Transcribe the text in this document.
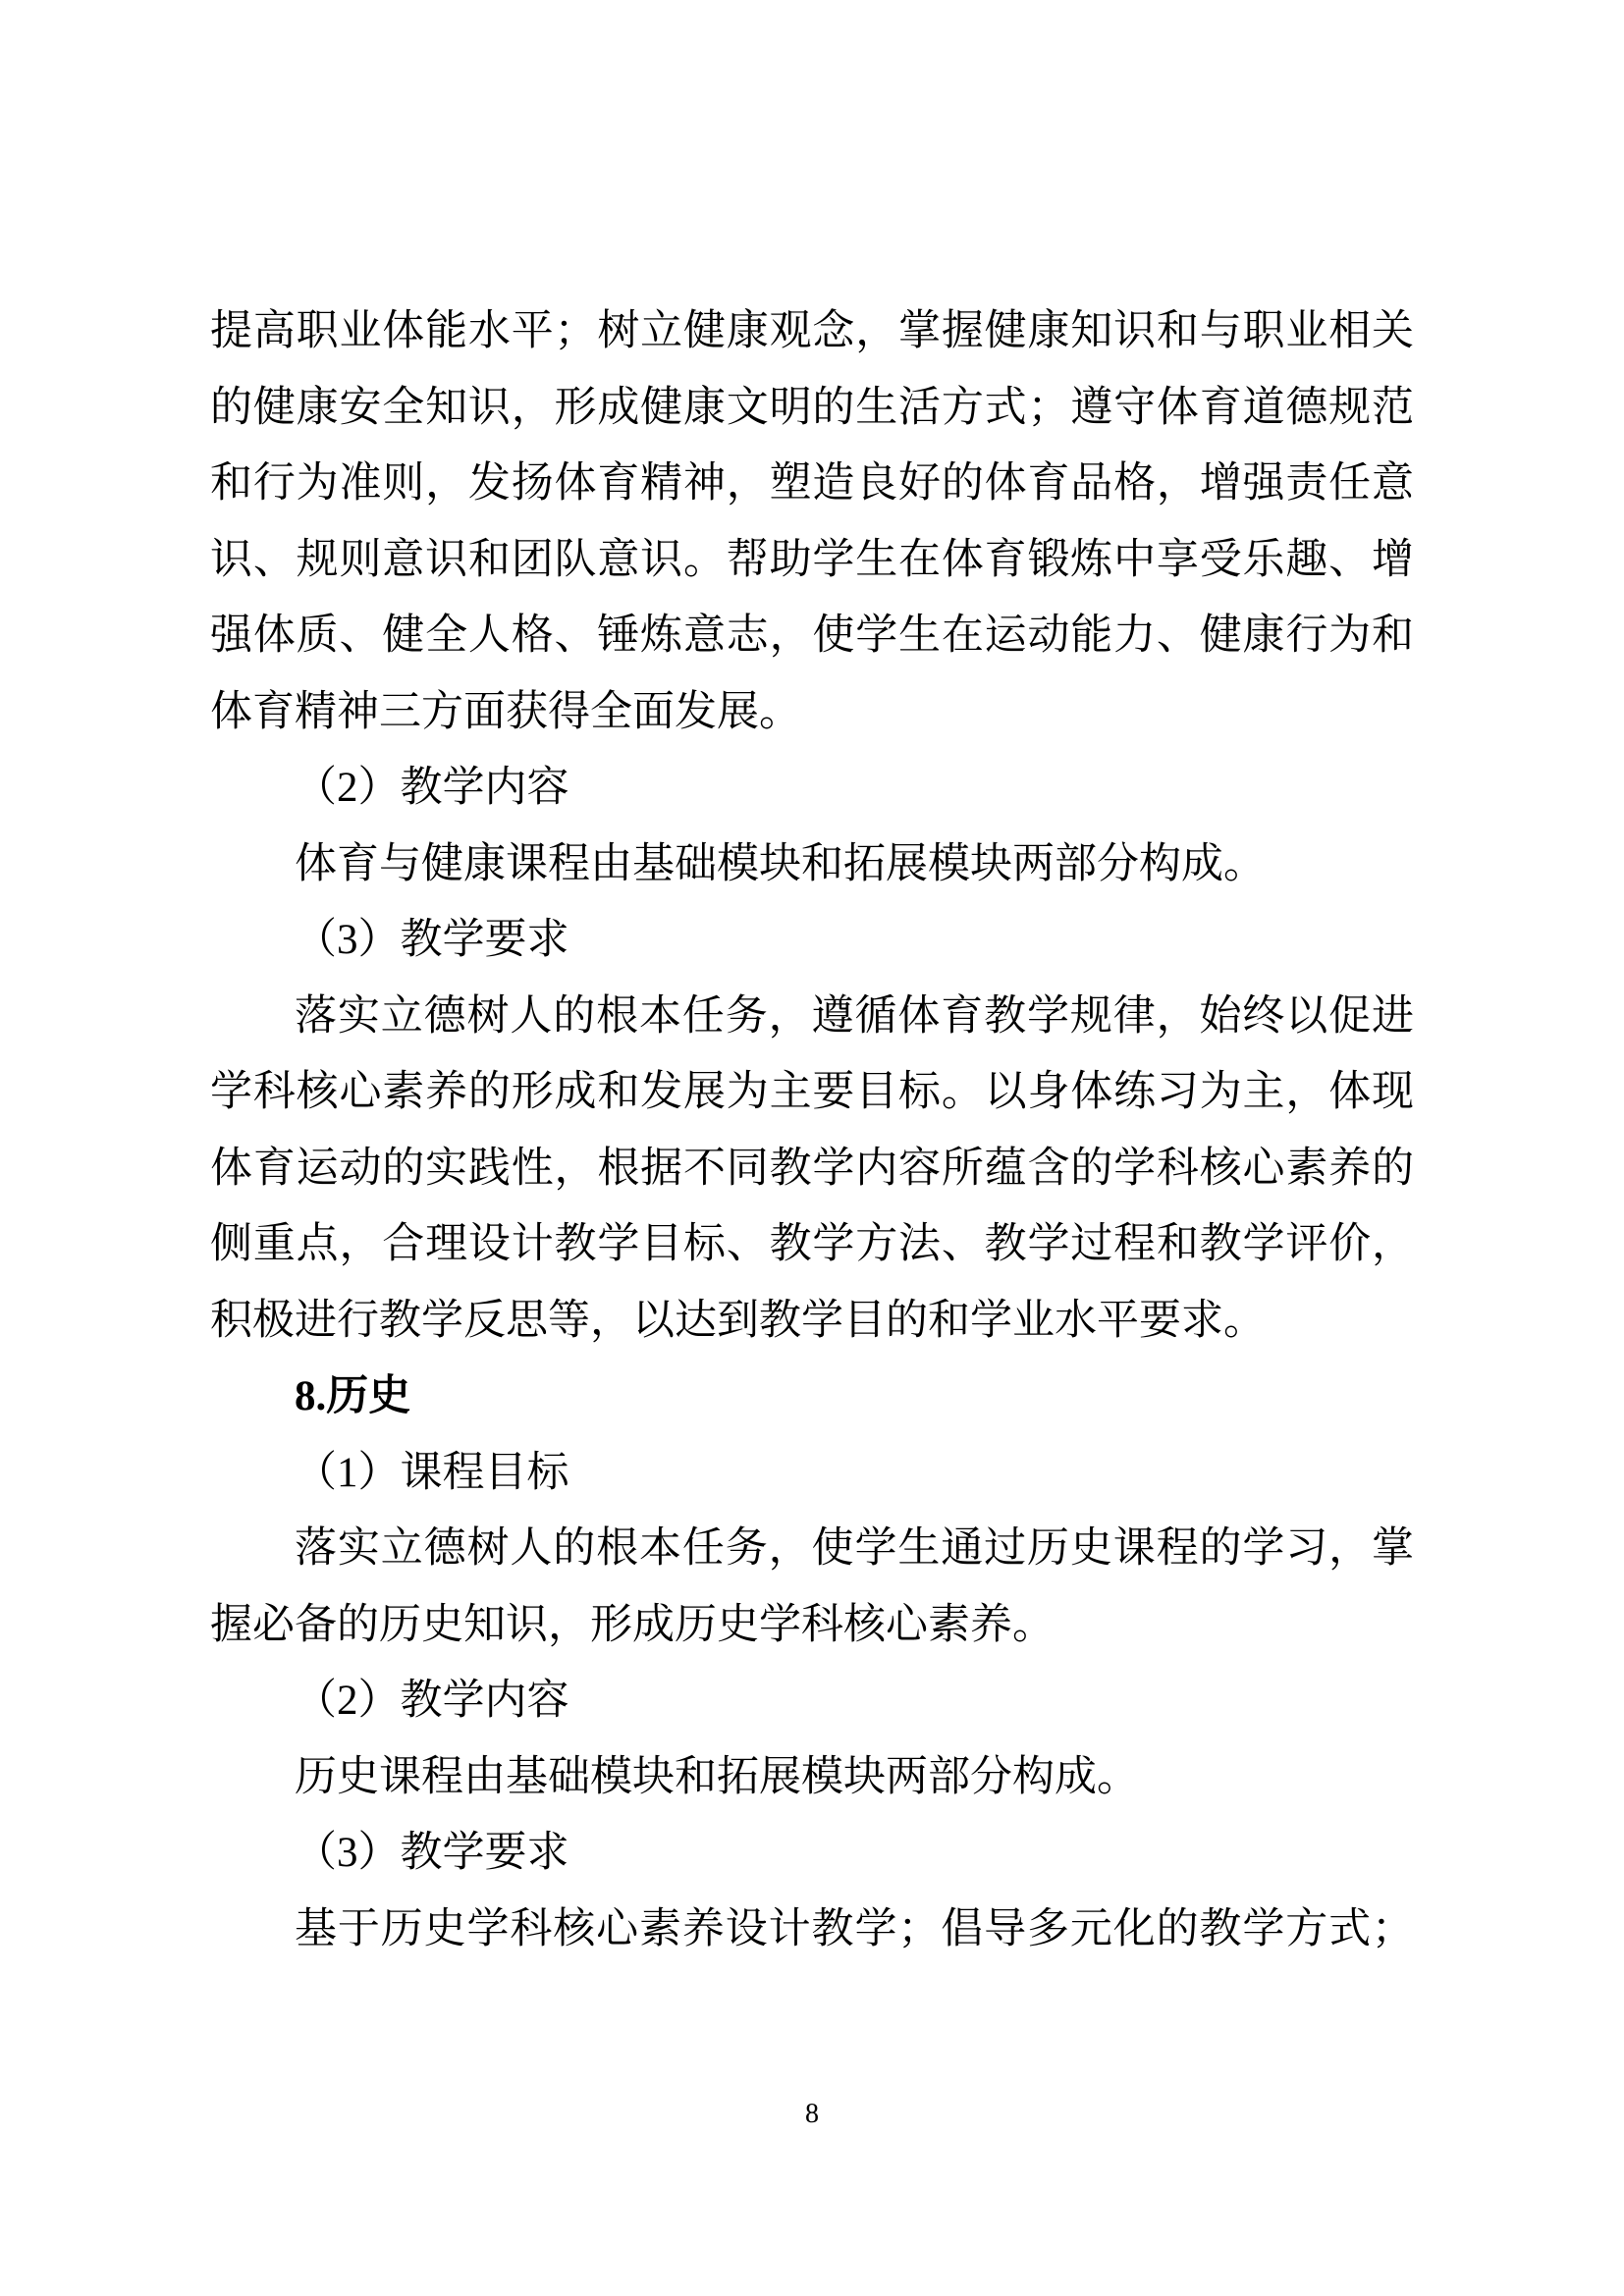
提高职业体能水平；树立健康观念，掌握健康知识和与职业相关
的健康安全知识，形成健康文明的生活方式；遵守体育道德规范
和行为准则，发扬体育精神，塑造良好的体育品格，增强责任意
识、规则意识和团队意识。帮助学生在体育锻炼中享受乐趣、增
强体质、健全人格、锤炼意志，使学生在运动能力、健康行为和
体育精神三方面获得全面发展。
（2）教学内容
体育与健康课程由基础模块和拓展模块两部分构成。
（3）教学要求
落实立德树人的根本任务，遵循体育教学规律，始终以促进
学科核心素养的形成和发展为主要目标。以身体练习为主，体现
体育运动的实践性，根据不同教学内容所蕴含的学科核心素养的
侧重点，合理设计教学目标、教学方法、教学过程和教学评价，
积极进行教学反思等，以达到教学目的和学业水平要求。
8.历史
（1）课程目标
落实立德树人的根本任务，使学生通过历史课程的学习，掌
握必备的历史知识，形成历史学科核心素养。
（2）教学内容
历史课程由基础模块和拓展模块两部分构成。
（3）教学要求
基于历史学科核心素养设计教学；倡导多元化的教学方式；
8
